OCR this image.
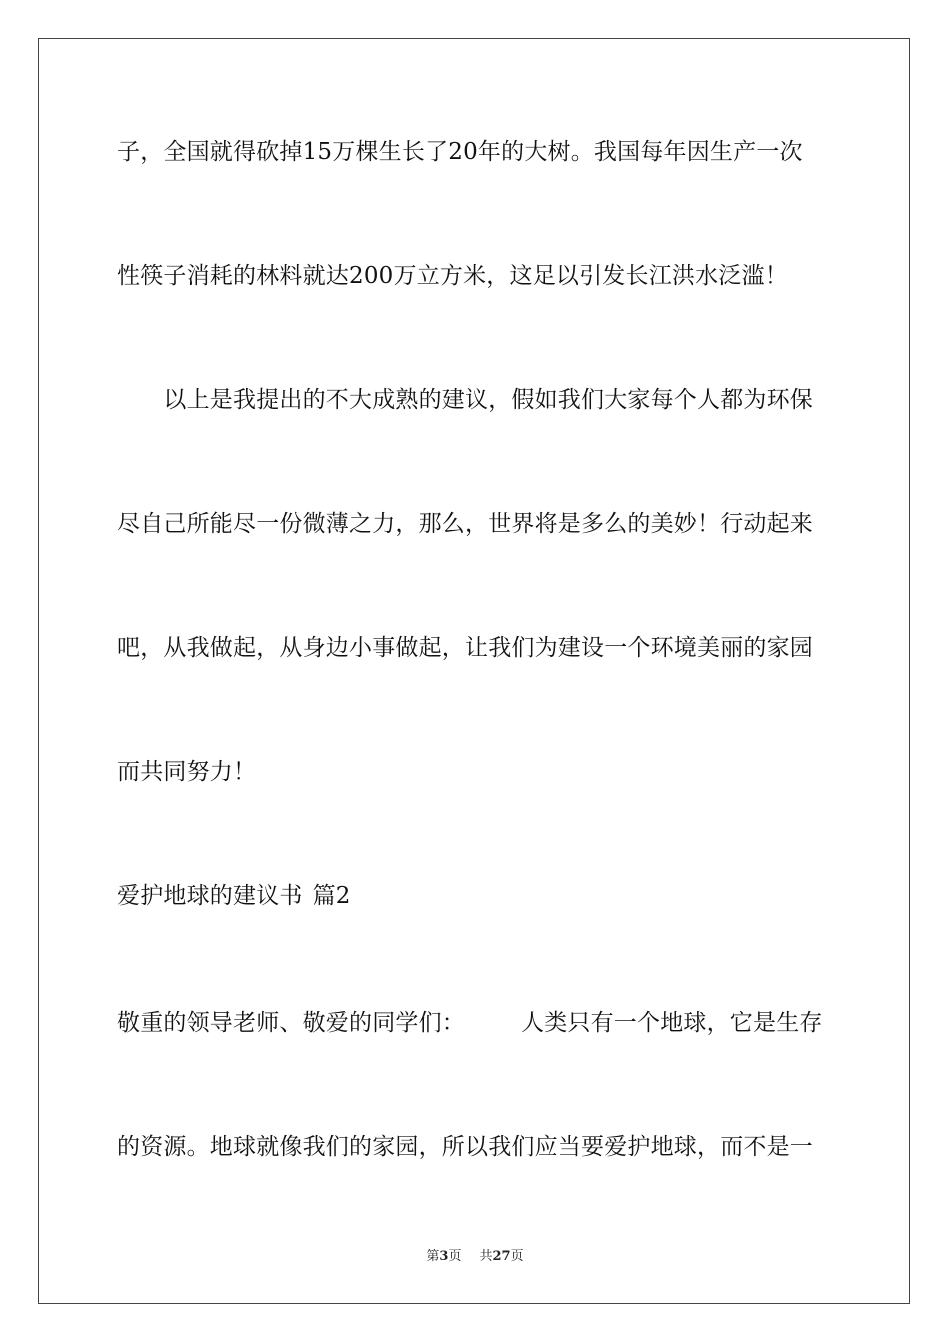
子，全国就得砍掉15万棵生长了20年的大树。我国每年因生产一次
性筷子消耗的林料就达200万立方米，这足以引发长江洪水泛滥！
　　以上是我提出的不大成熟的建议，假如我们大家每个人都为环保
尽自己所能尽一份微薄之力，那么，世界将是多么的美妙！行动起来
吧，从我做起，从身边小事做起，让我们为建设一个环境美丽的家园
而共同努力！
爱护地球的建议书 篇2
敬重的领导老师、敬爱的同学们： 人类只有一个地球，它是生存
的资源。地球就像我们的家园，所以我们应当要爱护地球，而不是一
第3页 共27页
